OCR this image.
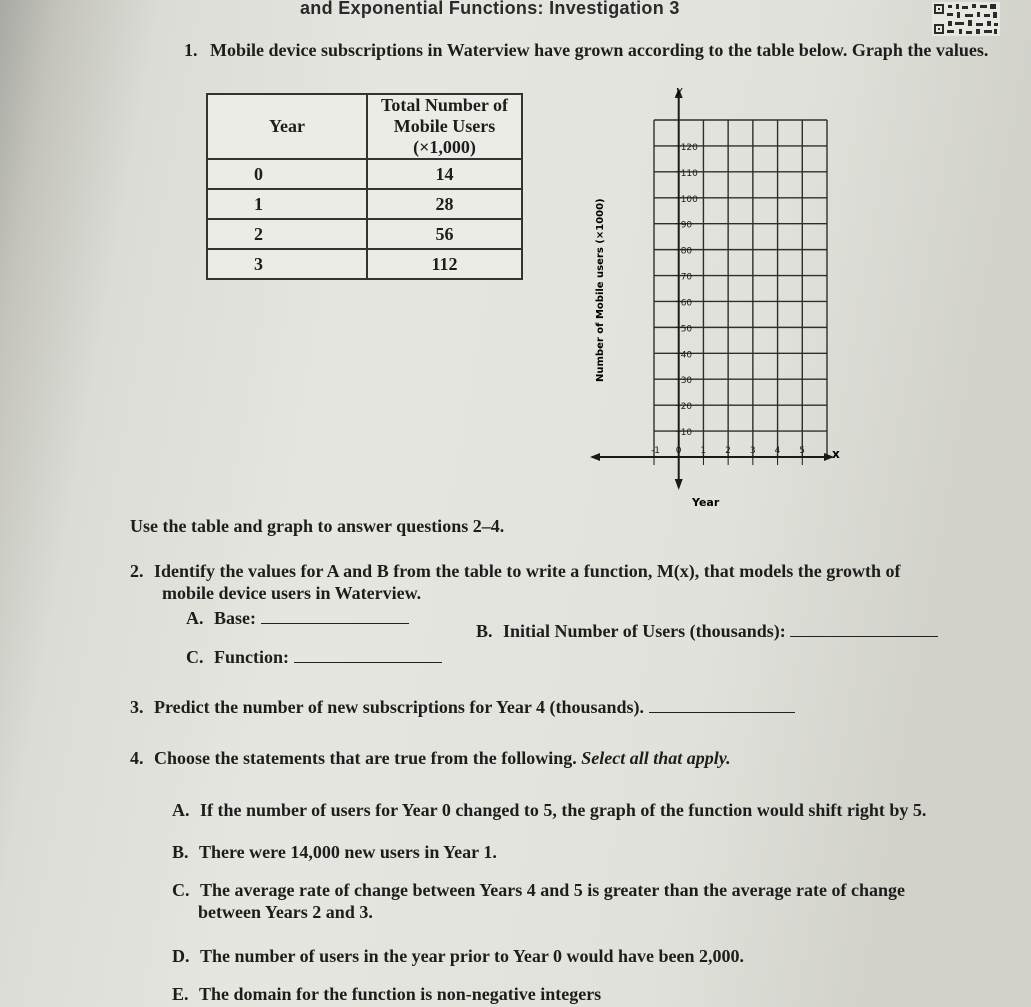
and Exponential Functions: Investigation 3
1. Mobile device subscriptions in Waterview have grown according to the table below. Graph the values.
Year	Total Number of
Mobile Users (×1,000)

0	14
1	28
2	56
3	112
120
110
100
90
80
70
60
50
40
30
20
10
-1 0 1 2 3 4 5
y
x
Number of Mobile users (×1000)
Year
Use the table and graph to answer questions 2–4.
2. Identify the values for A and B from the table to write a function, M(x), that models the growth of
mobile device users in Waterview.
A. Base:
B. Initial Number of Users (thousands):
C. Function:
3. Predict the number of new subscriptions for Year 4 (thousands).
4. Choose the statements that are true from the following. Select all that apply.
A. If the number of users for Year 0 changed to 5, the graph of the function would shift right by 5.
B. There were 14,000 new users in Year 1.
C. The average rate of change between Years 4 and 5 is greater than the average rate of change
between Years 2 and 3.
D. The number of users in the year prior to Year 0 would have been 2,000.
E. The domain for the function is non-negative integers
